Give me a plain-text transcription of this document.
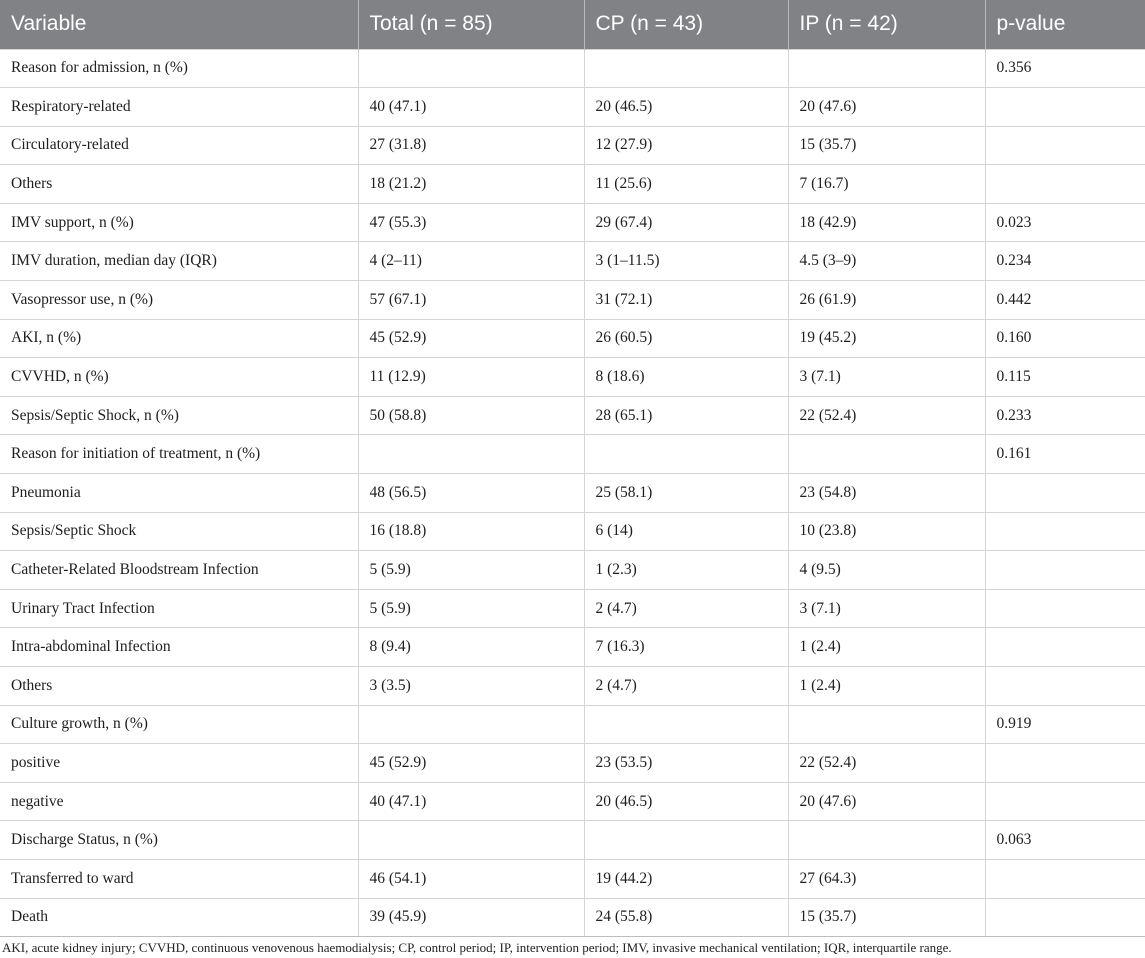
Variable	Total (n = 85)	CP (n = 43)	IP (n = 42)	p-value
Reason for admission, n (%)				0.356
Respiratory-related	40 (47.1)	20 (46.5)	20 (47.6)	
Circulatory-related	27 (31.8)	12 (27.9)	15 (35.7)	
Others	18 (21.2)	11 (25.6)	7 (16.7)	
IMV support, n (%)	47 (55.3)	29 (67.4)	18 (42.9)	0.023
IMV duration, median day (IQR)	4 (2–11)	3 (1–11.5)	4.5 (3–9)	0.234
Vasopressor use, n (%)	57 (67.1)	31 (72.1)	26 (61.9)	0.442
AKI, n (%)	45 (52.9)	26 (60.5)	19 (45.2)	0.160
CVVHD, n (%)	11 (12.9)	8 (18.6)	3 (7.1)	0.115
Sepsis/Septic Shock, n (%)	50 (58.8)	28 (65.1)	22 (52.4)	0.233
Reason for initiation of treatment, n (%)				0.161
Pneumonia	48 (56.5)	25 (58.1)	23 (54.8)	
Sepsis/Septic Shock	16 (18.8)	6 (14)	10 (23.8)	
Catheter-Related Bloodstream Infection	5 (5.9)	1 (2.3)	4 (9.5)	
Urinary Tract Infection	5 (5.9)	2 (4.7)	3 (7.1)	
Intra-abdominal Infection	8 (9.4)	7 (16.3)	1 (2.4)	
Others	3 (3.5)	2 (4.7)	1 (2.4)	
Culture growth, n (%)				0.919
positive	45 (52.9)	23 (53.5)	22 (52.4)	
negative	40 (47.1)	20 (46.5)	20 (47.6)	
Discharge Status, n (%)				0.063
Transferred to ward	46 (54.1)	19 (44.2)	27 (64.3)	
Death	39 (45.9)	24 (55.8)	15 (35.7)	
AKI, acute kidney injury; CVVHD, continuous venovenous haemodialysis; CP, control period; IP, intervention period; IMV, invasive mechanical ventilation; IQR, interquartile range.
